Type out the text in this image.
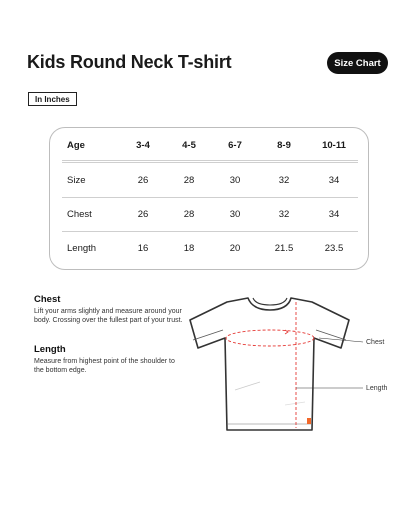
Kids Round Neck T-shirt	Size Chart
In Inches
Age	3-4	4-5	6-7	8-9	10-11
Size	26	28	30	32	34
Chest	26	28	30	32	34
Length	16	18	20	21.5	23.5
Chest

Lift your arms slightly and measure around your body. Crossing over the fullest part of your trust.

Length

Measure from highest point of the shoulder to the bottom edge.

Chest
Length
